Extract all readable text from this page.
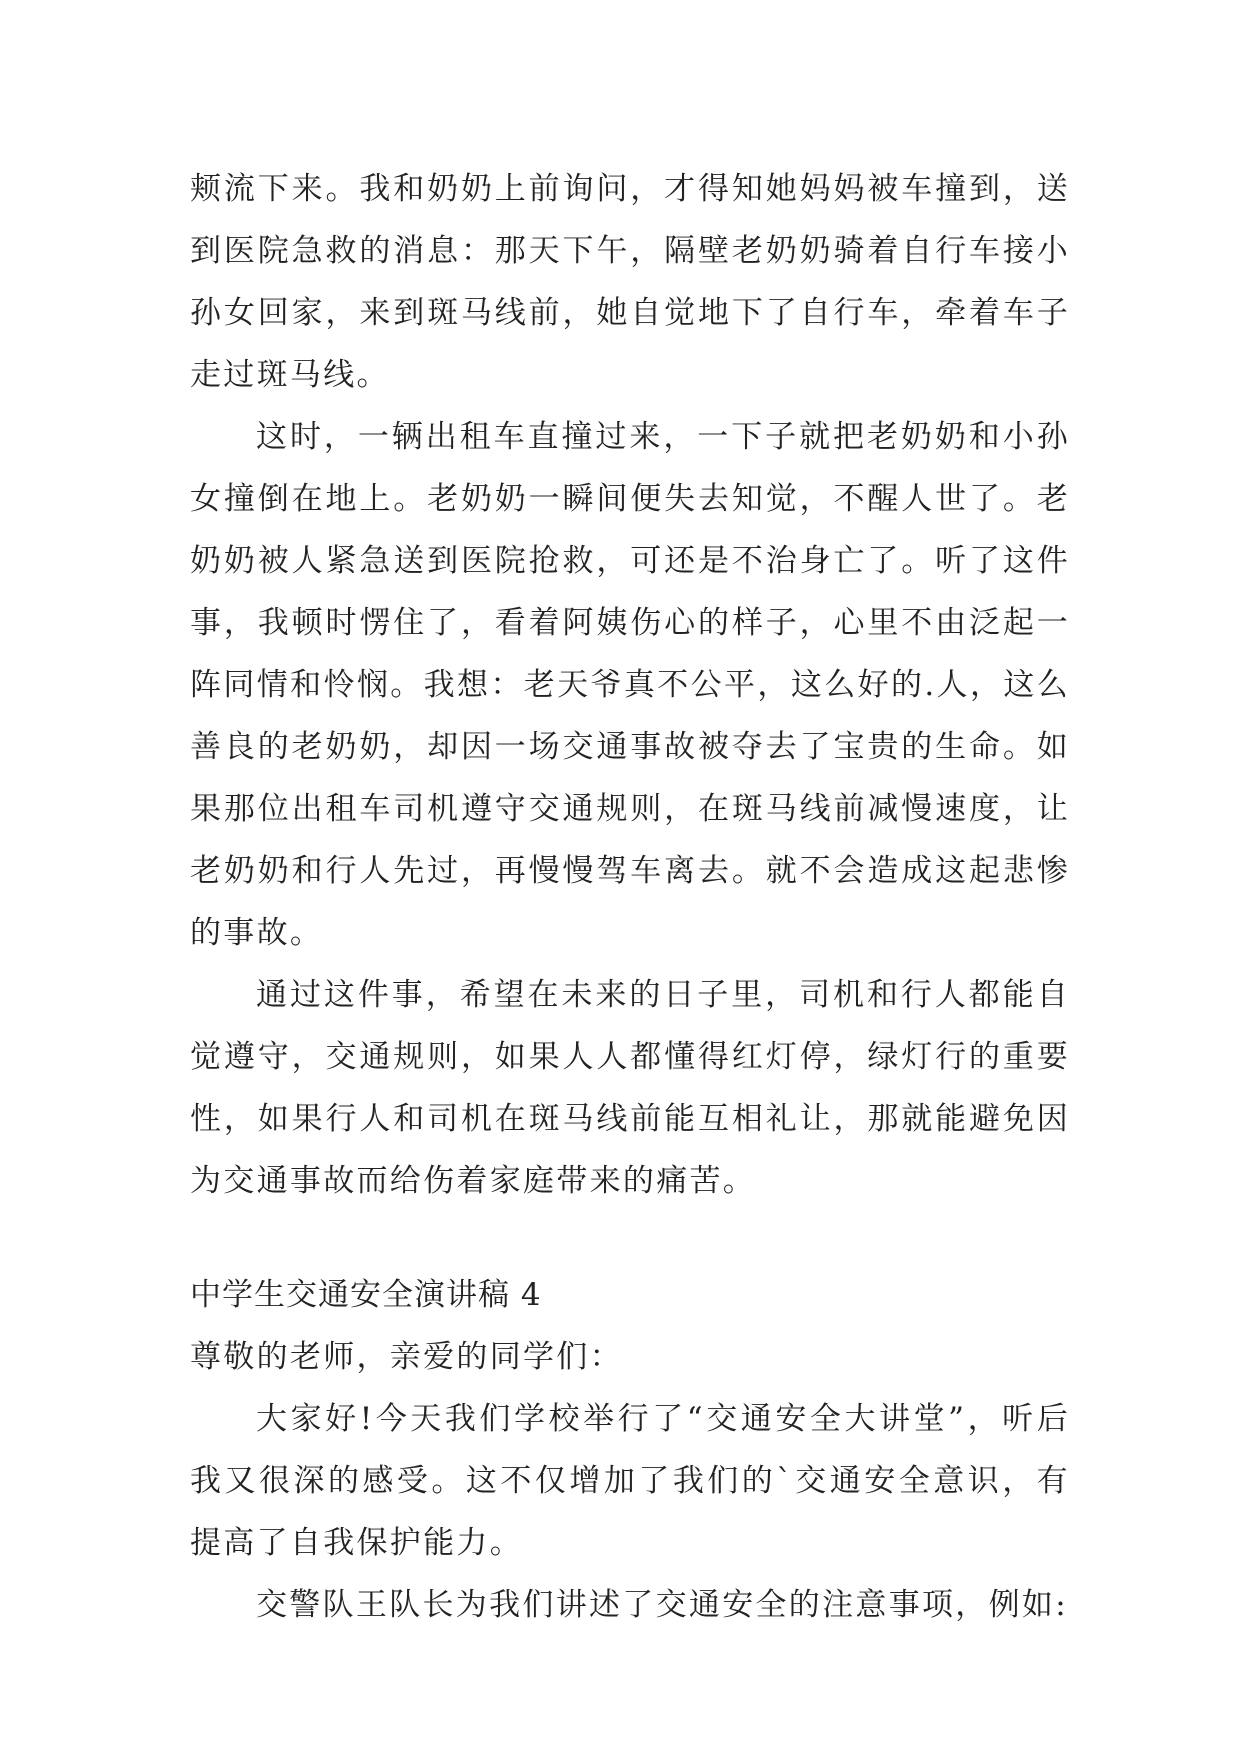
颊流下来。我和奶奶上前询问，才得知她妈妈被车撞到，送到医院急救的消息：那天下午，隔壁老奶奶骑着自行车接小孙女回家，来到斑马线前，她自觉地下了自行车，牵着车子走过斑马线。

这时，一辆出租车直撞过来，一下子就把老奶奶和小孙女撞倒在地上。老奶奶一瞬间便失去知觉，不醒人世了。老奶奶被人紧急送到医院抢救，可还是不治身亡了。听了这件事，我顿时愣住了，看着阿姨伤心的样子，心里不由泛起一阵同情和怜悯。我想：老天爷真不公平，这么好的.人，这么善良的老奶奶，却因一场交通事故被夺去了宝贵的生命。如果那位出租车司机遵守交通规则，在斑马线前减慢速度，让老奶奶和行人先过，再慢慢驾车离去。就不会造成这起悲惨的事故。

通过这件事，希望在未来的日子里，司机和行人都能自觉遵守，交通规则，如果人人都懂得红灯停，绿灯行的重要性，如果行人和司机在斑马线前能互相礼让，那就能避免因为交通事故而给伤着家庭带来的痛苦。

中学生交通安全演讲稿 4

尊敬的老师，亲爱的同学们：

大家好!今天我们学校举行了“交通安全大讲堂”，听后我又很深的感受。这不仅增加了我们的`交通安全意识，有提高了自我保护能力。

交警队王队长为我们讲述了交通安全的注意事项，例如:
